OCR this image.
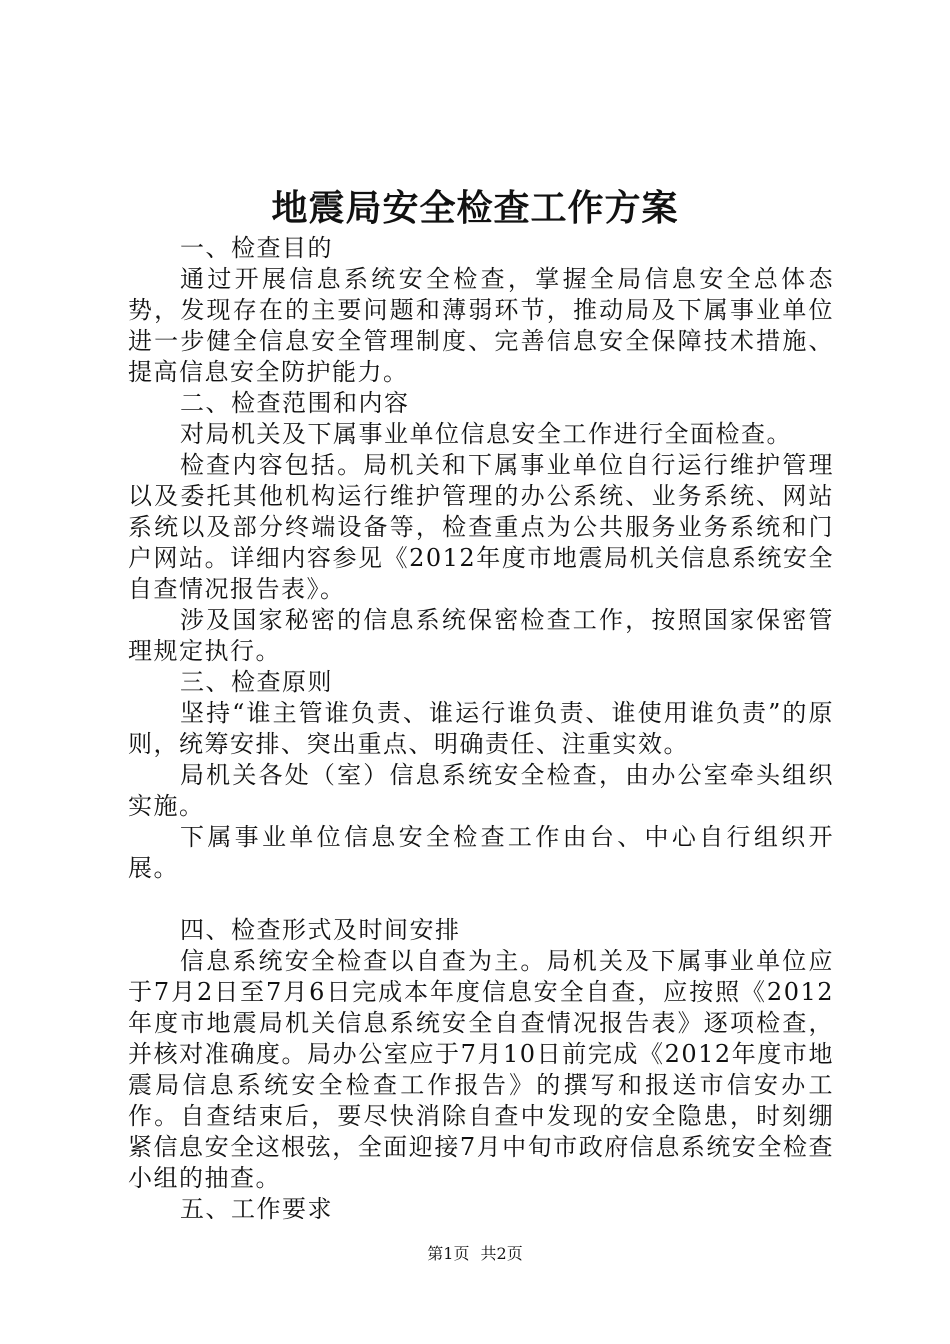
地震局安全检查工作方案

一、检查目的

通过开展信息系统安全检查，掌握全局信息安全总体态势，发现存在的主要问题和薄弱环节，推动局及下属事业单位进一步健全信息安全管理制度、完善信息安全保障技术措施、提高信息安全防护能力。

二、检查范围和内容

对局机关及下属事业单位信息安全工作进行全面检查。

检查内容包括。局机关和下属事业单位自行运行维护管理以及委托其他机构运行维护管理的办公系统、业务系统、网站系统以及部分终端设备等，检查重点为公共服务业务系统和门户网站。详细内容参见《2012年度市地震局机关信息系统安全自查情况报告表》。

涉及国家秘密的信息系统保密检查工作，按照国家保密管理规定执行。

三、检查原则

坚持“谁主管谁负责、谁运行谁负责、谁使用谁负责”的原则，统筹安排、突出重点、明确责任、注重实效。

局机关各处（室）信息系统安全检查，由办公室牵头组织实施。

下属事业单位信息安全检查工作由台、中心自行组织开展。

四、检查形式及时间安排

信息系统安全检查以自查为主。局机关及下属事业单位应于7月2日至7月6日完成本年度信息安全自查，应按照《2012年度市地震局机关信息系统安全自查情况报告表》逐项检查，并核对准确度。局办公室应于7月10日前完成《2012年度市地震局信息系统安全检查工作报告》的撰写和报送市信安办工作。自查结束后，要尽快消除自查中发现的安全隐患，时刻绷紧信息安全这根弦，全面迎接7月中旬市政府信息系统安全检查小组的抽查。

五、工作要求

第1页 共2页
